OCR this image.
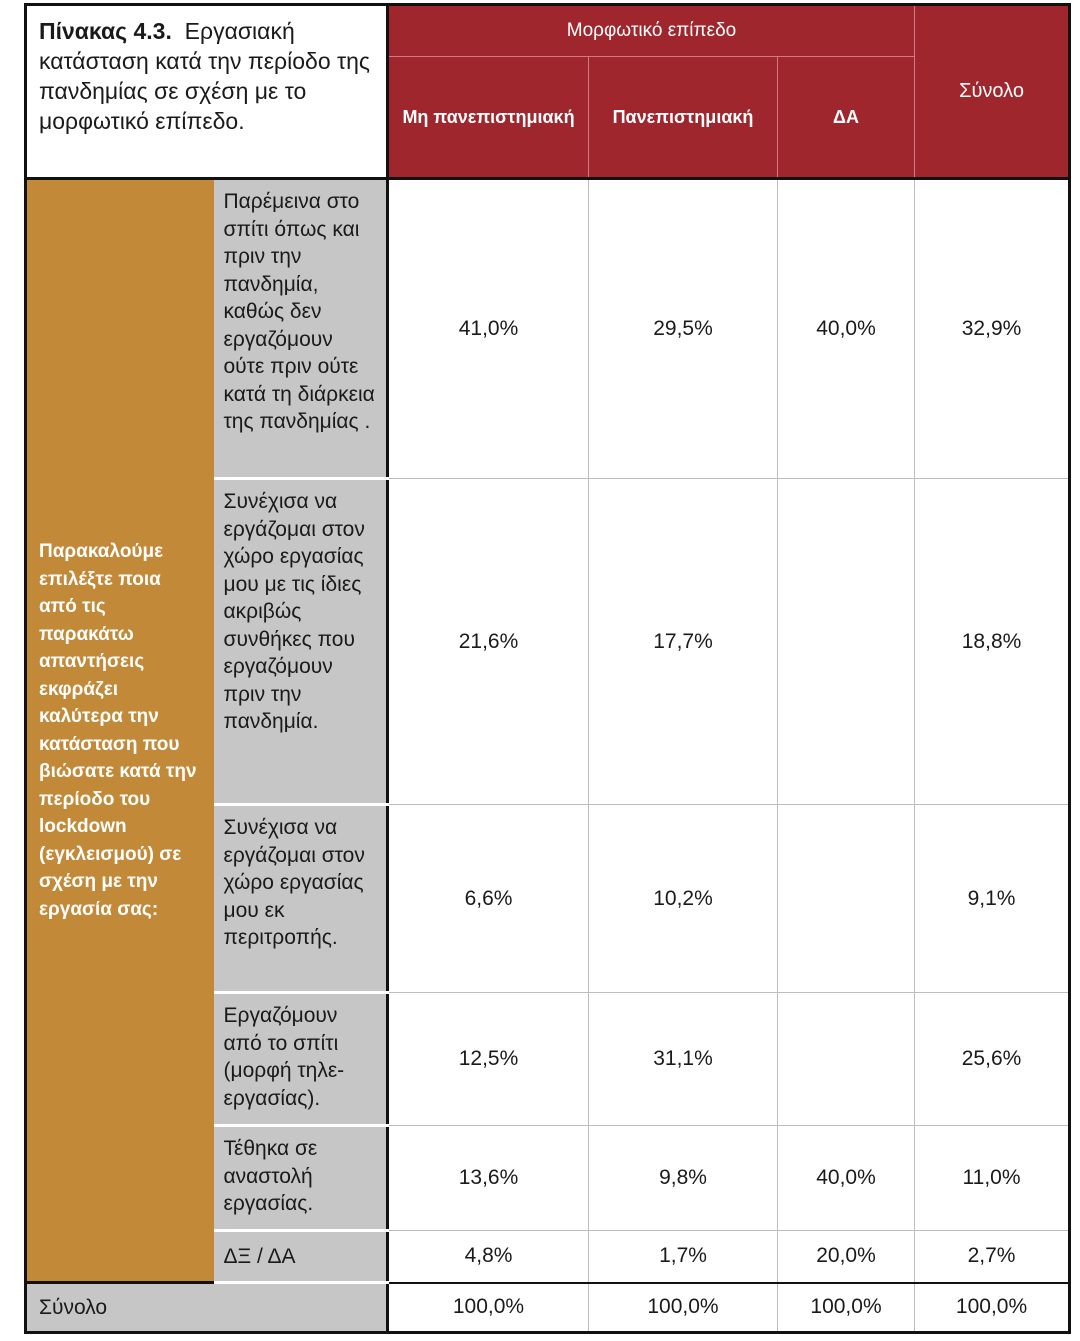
Πίνακας 4.3. Εργασιακή κατάσταση κατά την περίοδο της πανδημίας σε σχέση με το μορφωτικό επίπεδο.		Μορφωτικό επίπεδο			Σύνολο
		Μη πανεπιστημιακή	Πανεπιστημιακή	ΔΑ	
Παρακαλούμε επιλέξτε ποια από τις παρακάτω απαντήσεις εκφράζει καλύτερα την κατάσταση που βιώσατε κατά την περίοδο του lockdown (εγκλεισμού) σε σχέση με την εργασία σας:	Παρέμεινα στο σπίτι όπως και πριν την πανδημία, καθώς δεν εργαζόμουν ούτε πριν ούτε κατά τη διάρκεια της πανδημίας .	41,0%	29,5%	40,0%	32,9%
	Συνέχισα να εργάζομαι στον χώρο εργασίας μου με τις ίδιες ακριβώς συνθήκες που εργαζόμουν πριν την πανδημία.	21,6%	17,7%		18,8%
	Συνέχισα να εργάζομαι στον χώρο εργασίας μου εκ περιτροπής.	6,6%	10,2%		9,1%
	Εργαζόμουν από το σπίτι (μορφή τηλε-εργασίας).	12,5%	31,1%		25,6%
	Τέθηκα σε αναστολή εργασίας.	13,6%	9,8%	40,0%	11,0%
	ΔΞ / ΔΑ	4,8%	1,7%	20,0%	2,7%
Σύνολο		100,0%	100,0%	100,0%	100,0%
